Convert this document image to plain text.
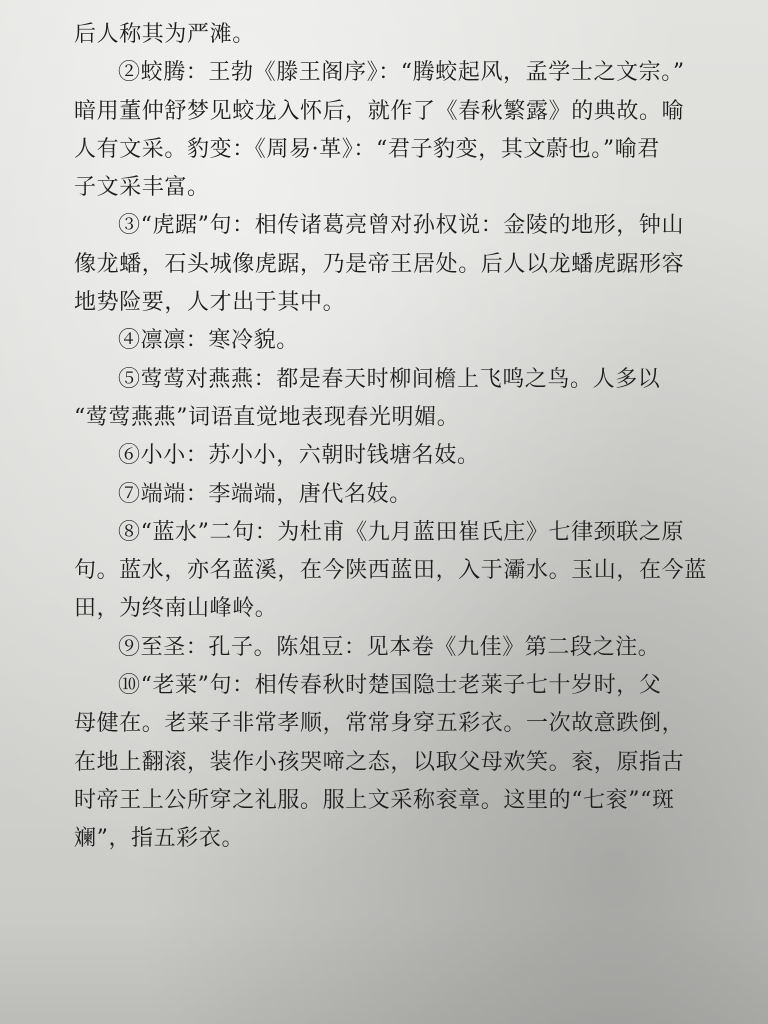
后人称其为严滩。
②蛟腾：王勃《滕王阁序》：“腾蛟起风，孟学士之文宗。”
暗用董仲舒梦见蛟龙入怀后，就作了《春秋繁露》的典故。喻
人有文采。豹变：《周易·革》：“君子豹变，其文蔚也。”喻君
子文采丰富。
③“虎踞”句：相传诸葛亮曾对孙权说：金陵的地形，钟山
像龙蟠，石头城像虎踞，乃是帝王居处。后人以龙蟠虎踞形容
地势险要，人才出于其中。
④凛凛：寒冷貌。
⑤莺莺对燕燕：都是春天时柳间檐上飞鸣之鸟。人多以
“莺莺燕燕”词语直觉地表现春光明媚。
⑥小小：苏小小，六朝时钱塘名妓。
⑦端端：李端端，唐代名妓。
⑧“蓝水”二句：为杜甫《九月蓝田崔氏庄》七律颈联之原
句。蓝水，亦名蓝溪，在今陕西蓝田，入于灞水。玉山，在今蓝
田，为终南山峰岭。
⑨至圣：孔子。陈俎豆：见本卷《九佳》第二段之注。
⑩“老莱”句：相传春秋时楚国隐士老莱子七十岁时，父
母健在。老莱子非常孝顺，常常身穿五彩衣。一次故意跌倒，
在地上翻滚，装作小孩哭啼之态，以取父母欢笑。衮，原指古
时帝王上公所穿之礼服。服上文采称衮章。这里的“七衮”“斑
斓”，指五彩衣。
